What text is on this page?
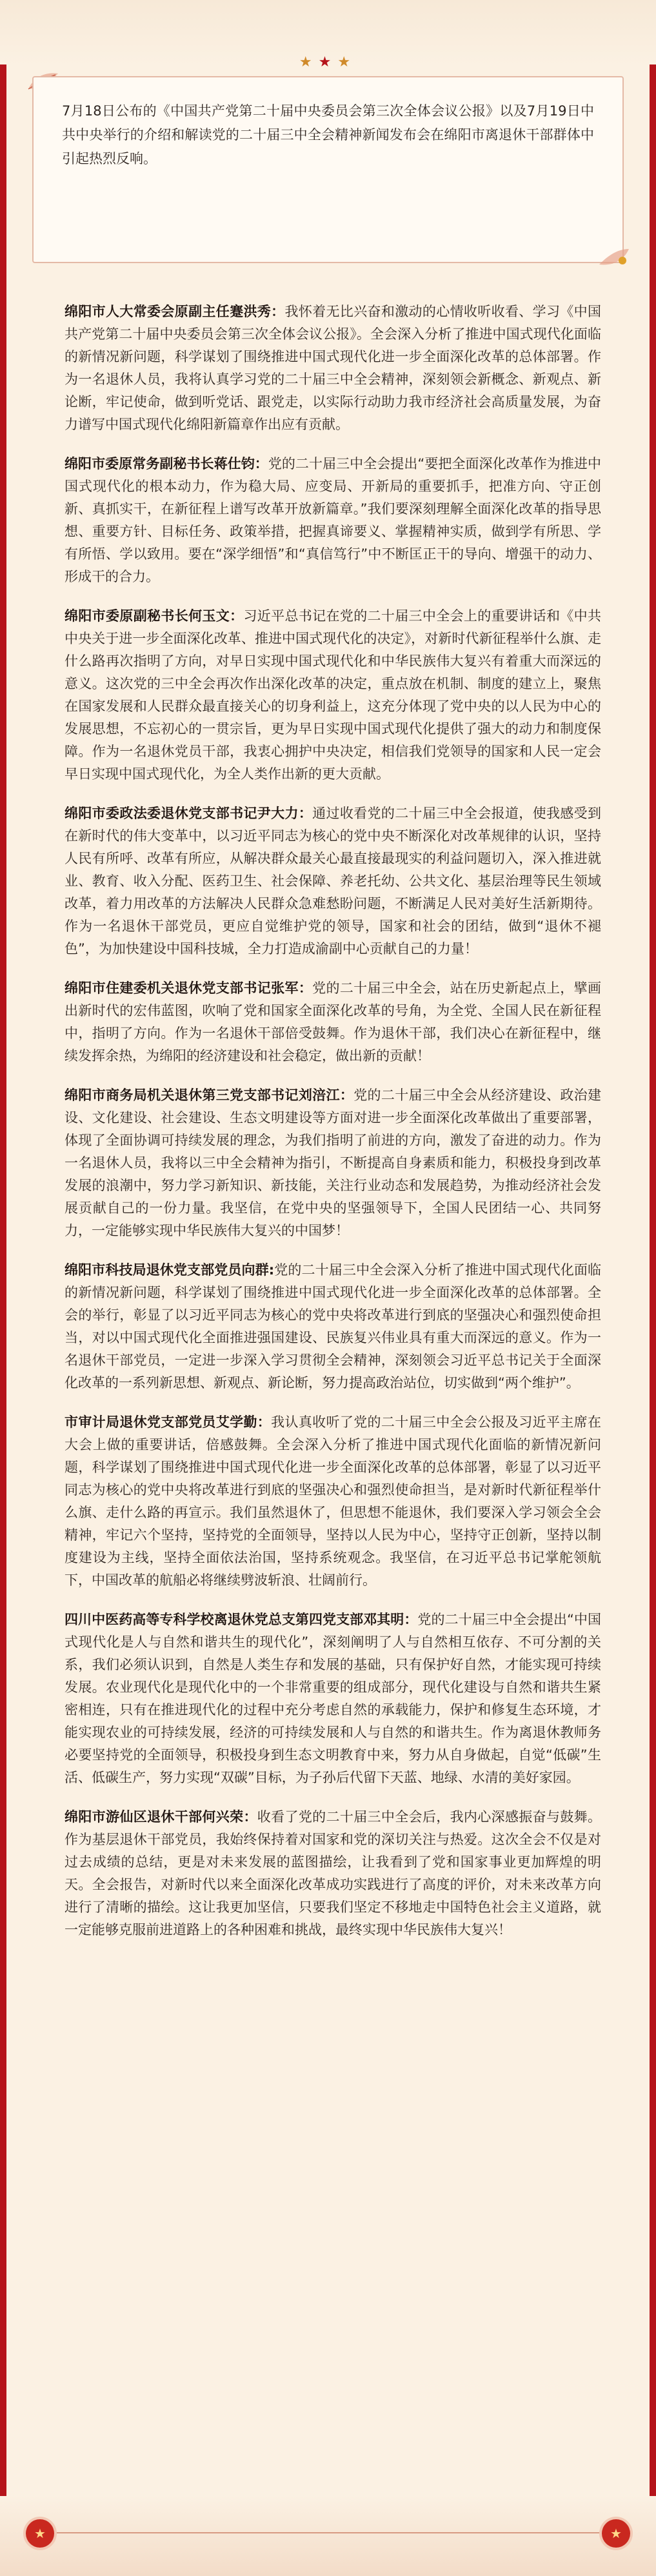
★★★

7月18日公布的《中国共产党第二十届中央委员会第三次全体会议公报》以及7月19日中共中央举行的介绍和解读党的二十届三中全会精神新闻发布会在绵阳市离退休干部群体中引起热烈反响。

绵阳市人大常委会原副主任蹇洪秀：我怀着无比兴奋和激动的心情收听收看、学习《中国共产党第二十届中央委员会第三次全体会议公报》。全会深入分析了推进中国式现代化面临的新情况新问题，科学谋划了围绕推进中国式现代化进一步全面深化改革的总体部署。作为一名退休人员，我将认真学习党的二十届三中全会精神，深刻领会新概念、新观点、新论断，牢记使命，做到听党话、跟党走，以实际行动助力我市经济社会高质量发展，为奋力谱写中国式现代化绵阳新篇章作出应有贡献。

绵阳市委原常务副秘书长蒋仕钧：党的二十届三中全会提出“要把全面深化改革作为推进中国式现代化的根本动力，作为稳大局、应变局、开新局的重要抓手，把准方向、守正创新、真抓实干，在新征程上谱写改革开放新篇章。”我们要深刻理解全面深化改革的指导思想、重要方针、目标任务、政策举措，把握真谛要义、掌握精神实质，做到学有所思、学有所悟、学以致用。要在“深学细悟”和“真信笃行”中不断匡正干的导向、增强干的动力、形成干的合力。

绵阳市委原副秘书长何玉文：习近平总书记在党的二十届三中全会上的重要讲话和《中共中央关于进一步全面深化改革、推进中国式现代化的决定》，对新时代新征程举什么旗、走什么路再次指明了方向，对早日实现中国式现代化和中华民族伟大复兴有着重大而深远的意义。这次党的三中全会再次作出深化改革的决定，重点放在机制、制度的建立上，聚焦在国家发展和人民群众最直接关心的切身利益上，这充分体现了党中央的以人民为中心的发展思想，不忘初心的一贯宗旨，更为早日实现中国式现代化提供了强大的动力和制度保障。作为一名退休党员干部，我衷心拥护中央决定，相信我们党领导的国家和人民一定会早日实现中国式现代化，为全人类作出新的更大贡献。

绵阳市委政法委退休党支部书记尹大力：通过收看党的二十届三中全会报道，使我感受到在新时代的伟大变革中，以习近平同志为核心的党中央不断深化对改革规律的认识，坚持人民有所呼、改革有所应，从解决群众最关心最直接最现实的利益问题切入，深入推进就业、教育、收入分配、医药卫生、社会保障、养老托幼、公共文化、基层治理等民生领域改革，着力用改革的方法解决人民群众急难愁盼问题，不断满足人民对美好生活新期待。作为一名退休干部党员，更应自觉维护党的领导，国家和社会的团结，做到“退休不褪色”，为加快建设中国科技城，全力打造成渝副中心贡献自己的力量！

绵阳市住建委机关退休党支部书记张军：党的二十届三中全会，站在历史新起点上，擘画出新时代的宏伟蓝图，吹响了党和国家全面深化改革的号角，为全党、全国人民在新征程中，指明了方向。作为一名退休干部倍受鼓舞。作为退休干部，我们决心在新征程中，继续发挥余热，为绵阳的经济建设和社会稳定，做出新的贡献！

绵阳市商务局机关退休第三党支部书记刘涪江：党的二十届三中全会从经济建设、政治建设、文化建设、社会建设、生态文明建设等方面对进一步全面深化改革做出了重要部署，体现了全面协调可持续发展的理念，为我们指明了前进的方向，激发了奋进的动力。作为一名退休人员，我将以三中全会精神为指引，不断提高自身素质和能力，积极投身到改革发展的浪潮中，努力学习新知识、新技能，关注行业动态和发展趋势，为推动经济社会发展贡献自己的一份力量。我坚信，在党中央的坚强领导下，全国人民团结一心、共同努力，一定能够实现中华民族伟大复兴的中国梦！

绵阳市科技局退休党支部党员向群:党的二十届三中全会深入分析了推进中国式现代化面临的新情况新问题，科学谋划了围绕推进中国式现代化进一步全面深化改革的总体部署。全会的举行，彰显了以习近平同志为核心的党中央将改革进行到底的坚强决心和强烈使命担当，对以中国式现代化全面推进强国建设、民族复兴伟业具有重大而深远的意义。作为一名退休干部党员，一定进一步深入学习贯彻全会精神，深刻领会习近平总书记关于全面深化改革的一系列新思想、新观点、新论断，努力提高政治站位，切实做到“两个维护”。

市审计局退休党支部党员艾学勤：我认真收听了党的二十届三中全会公报及习近平主席在大会上做的重要讲话，倍感鼓舞。全会深入分析了推进中国式现代化面临的新情况新问题，科学谋划了围绕推进中国式现代化进一步全面深化改革的总体部署，彰显了以习近平同志为核心的党中央将改革进行到底的坚强决心和强烈使命担当，是对新时代新征程举什么旗、走什么路的再宣示。我们虽然退休了，但思想不能退休，我们要深入学习领会全会精神，牢记六个坚持，坚持党的全面领导，坚持以人民为中心，坚持守正创新，坚持以制度建设为主线，坚持全面依法治国，坚持系统观念。我坚信，在习近平总书记掌舵领航下，中国改革的航船必将继续劈波斩浪、壮阔前行。

四川中医药高等专科学校离退休党总支第四党支部邓其明：党的二十届三中全会提出“中国式现代化是人与自然和谐共生的现代化”，深刻阐明了人与自然相互依存、不可分割的关系，我们必须认识到，自然是人类生存和发展的基础，只有保护好自然，才能实现可持续发展。农业现代化是现代化中的一个非常重要的组成部分，现代化建设与自然和谐共生紧密相连，只有在推进现代化的过程中充分考虑自然的承载能力，保护和修复生态环境，才能实现农业的可持续发展，经济的可持续发展和人与自然的和谐共生。作为离退休教师务必要坚持党的全面领导，积极投身到生态文明教育中来，努力从自身做起，自觉“低碳”生活、低碳生产，努力实现“双碳”目标，为子孙后代留下天蓝、地绿、水清的美好家园。

绵阳市游仙区退休干部何兴荣：收看了党的二十届三中全会后，我内心深感振奋与鼓舞。作为基层退休干部党员，我始终保持着对国家和党的深切关注与热爱。这次全会不仅是对过去成绩的总结，更是对未来发展的蓝图描绘，让我看到了党和国家事业更加辉煌的明天。全会报告，对新时代以来全面深化改革成功实践进行了高度的评价，对未来改革方向进行了清晰的描绘。这让我更加坚信，只要我们坚定不移地走中国特色社会主义道路，就一定能够克服前进道路上的各种困难和挑战，最终实现中华民族伟大复兴！

★	★
